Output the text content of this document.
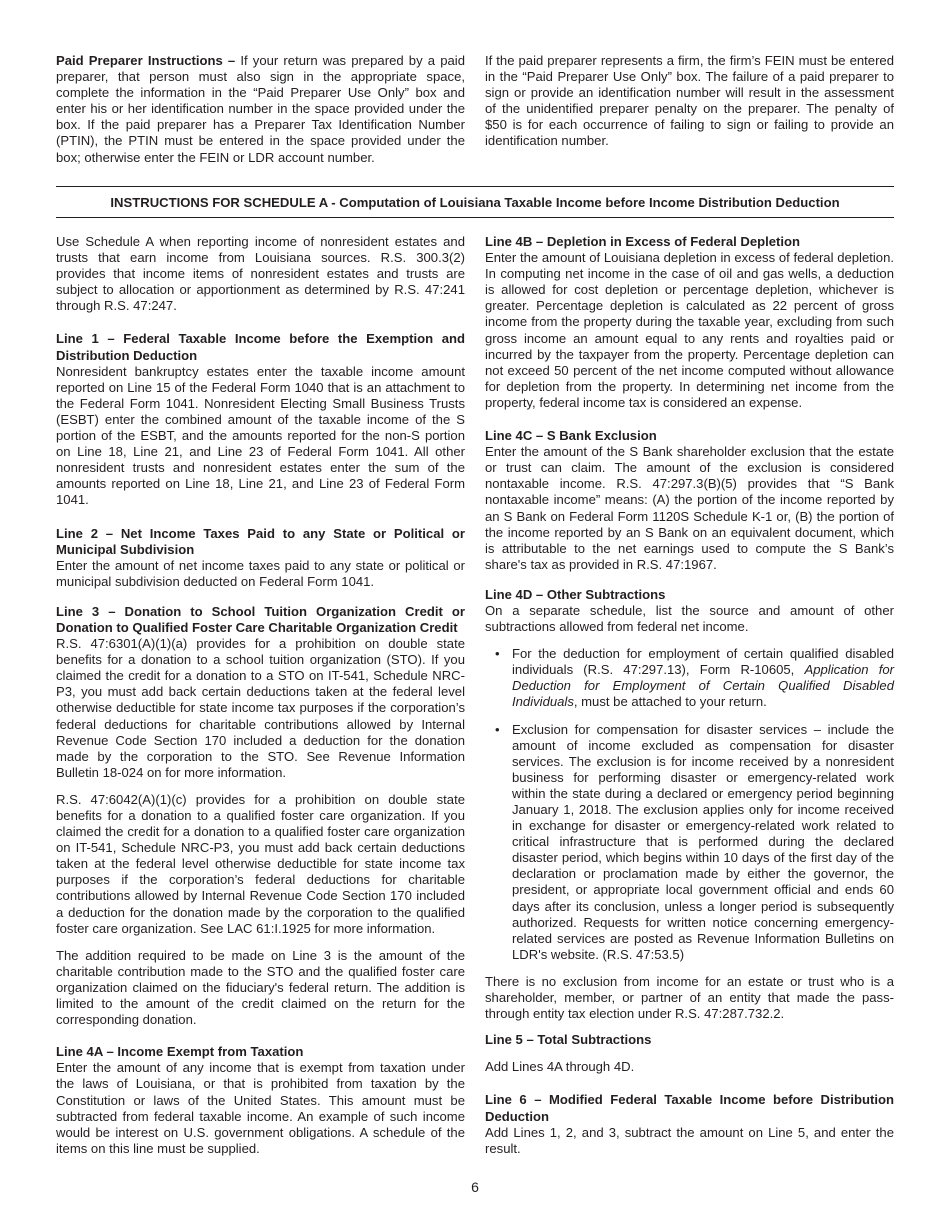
Paid Preparer Instructions – If your return was prepared by a paid preparer, that person must also sign in the appropriate space, complete the information in the “Paid Preparer Use Only” box and enter his or her identification number in the space provided under the box. If the paid preparer has a Preparer Tax Identification Number (PTIN), the PTIN must be entered in the space provided under the box; otherwise enter the FEIN or LDR account number.

If the paid preparer represents a firm, the firm’s FEIN must be entered in the “Paid Preparer Use Only” box. The failure of a paid preparer to sign or provide an identification number will result in the assessment of the unidentified preparer penalty on the preparer. The penalty of $50 is for each occurrence of failing to sign or failing to provide an identification number.

INSTRUCTIONS FOR SCHEDULE A - Computation of Louisiana Taxable Income before Income Distribution Deduction
Use Schedule A when reporting income of nonresident estates and trusts that earn income from Louisiana sources. R.S. 300.3(2) provides that income items of nonresident estates and trusts are subject to allocation or apportionment as determined by R.S. 47:241 through R.S. 47:247.
Line 1 – Federal Taxable Income before the Exemption and Distribution Deduction
Nonresident bankruptcy estates enter the taxable income amount reported on Line 15 of the Federal Form 1040 that is an attachment to the Federal Form 1041. Nonresident Electing Small Business Trusts (ESBT) enter the combined amount of the taxable income of the S portion of the ESBT, and the amounts reported for the non-S portion on Line 18, Line 21, and Line 23 of Federal Form 1041. All other nonresident trusts and nonresident estates enter the sum of the amounts reported on Line 18, Line 21, and Line 23 of Federal Form 1041.
Line 2 – Net Income Taxes Paid to any State or Political or Municipal Subdivision
Enter the amount of net income taxes paid to any state or political or municipal subdivision deducted on Federal Form 1041.
Line 3 – Donation to School Tuition Organization Credit or Donation to Qualified Foster Care Charitable Organization Credit

R.S. 47:6301(A)(1)(a) provides for a prohibition on double state benefits for a donation to a school tuition organization (STO). If you claimed the credit for a donation to a STO on IT-541, Schedule NRC-P3, you must add back certain deductions taken at the federal level otherwise deductible for state income tax purposes if the corporation’s federal deductions for charitable contributions allowed by Internal Revenue Code Section 170 included a deduction for the donation made by the corporation to the STO. See Revenue Information Bulletin 18-024 on for more information.

R.S. 47:6042(A)(1)(c) provides for a prohibition on double state benefits for a donation to a qualified foster care organization. If you claimed the credit for a donation to a qualified foster care organization on IT-541, Schedule NRC-P3, you must add back certain deductions taken at the federal level otherwise deductible for state income tax purposes if the corporation’s federal deductions for charitable contributions allowed by Internal Revenue Code Section 170 included a deduction for the donation made by the corporation to the qualified foster care organization. See LAC 61:I.1925 for more information.

The addition required to be made on Line 3 is the amount of the charitable contribution made to the STO and the qualified foster care organization claimed on the fiduciary's federal return. The addition is limited to the amount of the credit claimed on the return for the corresponding donation.

Line 4A – Income Exempt from Taxation
Enter the amount of any income that is exempt from taxation under the laws of Louisiana, or that is prohibited from taxation by the Constitution or laws of the United States. This amount must be subtracted from federal taxable income. An example of such income would be interest on U.S. government obligations. A schedule of the items on this line must be supplied.
Line 4B – Depletion in Excess of Federal Depletion
Enter the amount of Louisiana depletion in excess of federal depletion. In computing net income in the case of oil and gas wells, a deduction is allowed for cost depletion or percentage depletion, whichever is greater. Percentage depletion is calculated as 22 percent of gross income from the property during the taxable year, excluding from such gross income an amount equal to any rents and royalties paid or incurred by the taxpayer from the property. Percentage depletion can not exceed 50 percent of the net income computed without allowance for depletion from the property. In determining net income from the property, federal income tax is considered an expense.
Line 4C – S Bank Exclusion
Enter the amount of the S Bank shareholder exclusion that the estate or trust can claim. The amount of the exclusion is considered nontaxable income. R.S. 47:297.3(B)(5) provides that “S Bank nontaxable income” means: (A) the portion of the income reported by an S Bank on Federal Form 1120S Schedule K-1 or, (B) the portion of the income reported by an S Bank on an equivalent document, which is attributable to the net earnings used to compute the S Bank’s share's tax as provided in R.S. 47:1967.
Line 4D – Other Subtractions

On a separate schedule, list the source and amount of other subtractions allowed from federal net income.

• For the deduction for employment of certain qualified disabled individuals (R.S. 47:297.13), Form R-10605, Application for Deduction for Employment of Certain Qualified Disabled Individuals, must be attached to your return.
• Exclusion for compensation for disaster services – include the amount of income excluded as compensation for disaster services. The exclusion is for income received by a nonresident business for performing disaster or emergency-related work within the state during a declared or emergency period beginning January 1, 2018. The exclusion applies only for income received in exchange for disaster or emergency-related work related to critical infrastructure that is performed during the declared disaster period, which begins within 10 days of the first day of the declaration or proclamation made by either the governor, the president, or appropriate local government official and ends 60 days after its conclusion, unless a longer period is subsequently authorized. Requests for written notice concerning emergency-related services are posted as Revenue Information Bulletins on LDR's website. (R.S. 47:53.5)

There is no exclusion from income for an estate or trust who is a shareholder, member, or partner of an entity that made the pass-through entity tax election under R.S. 47:287.732.2.

Line 5 – Total Subtractions
Add Lines 4A through 4D.
Line 6 – Modified Federal Taxable Income before Distribution Deduction
Add Lines 1, 2, and 3, subtract the amount on Line 5, and enter the result.
6
